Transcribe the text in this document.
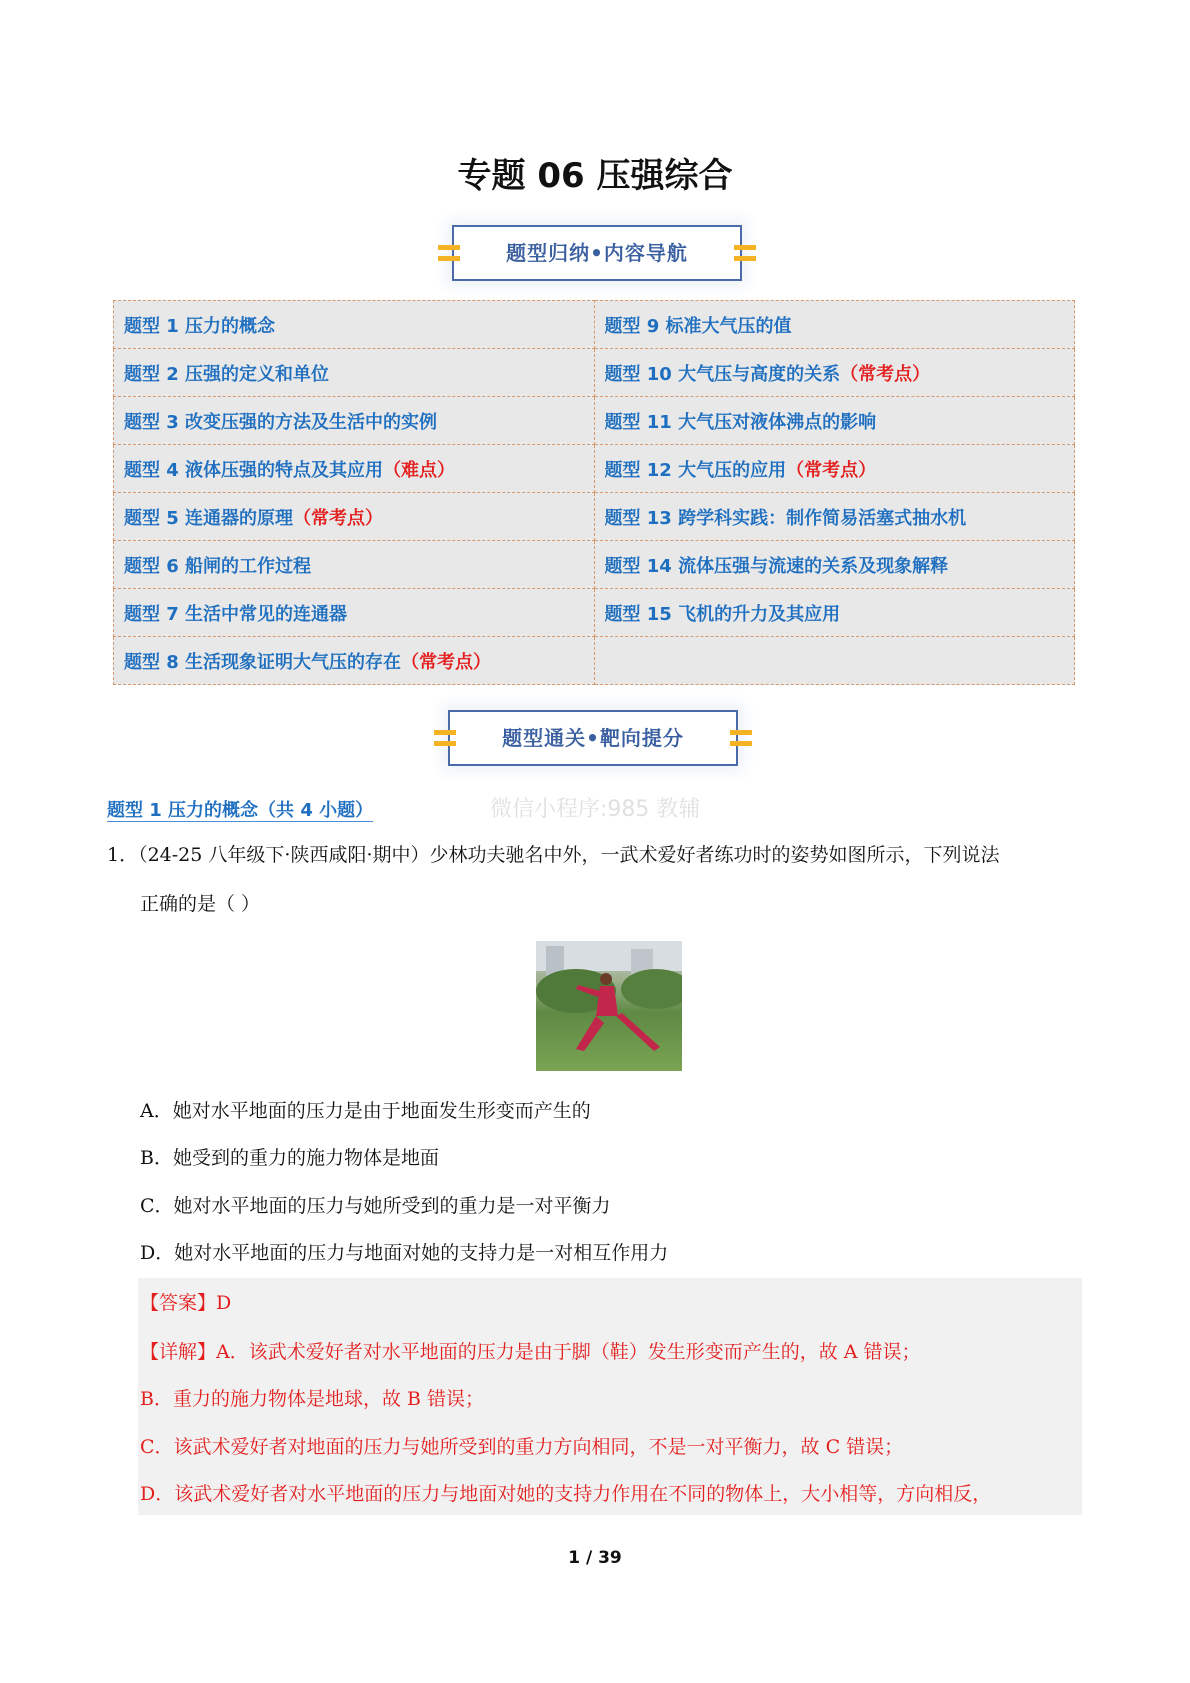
专题 06 压强综合
题型归纳•内容导航
题型 1 压力的概念	题型 9 标准大气压的值
题型 2 压强的定义和单位	题型 10 大气压与高度的关系（常考点）
题型 3 改变压强的方法及生活中的实例	题型 11 大气压对液体沸点的影响
题型 4 液体压强的特点及其应用（难点）	题型 12 大气压的应用（常考点）
题型 5 连通器的原理（常考点）	题型 13 跨学科实践：制作简易活塞式抽水机
题型 6 船闸的工作过程	题型 14 流体压强与流速的关系及现象解释
题型 7 生活中常见的连通器	题型 15 飞机的升力及其应用
题型 8 生活现象证明大气压的存在（常考点）	
题型通关•靶向提分
微信小程序:985 教辅
题型 1 压力的概念（共 4 小题）
1．（24-25 八年级下·陕西咸阳·期中）少林功夫驰名中外，一武术爱好者练功时的姿势如图所示，下列说法
正确的是（ ）
A．她对水平地面的压力是由于地面发生形变而产生的
B．她受到的重力的施力物体是地面
C．她对水平地面的压力与她所受到的重力是一对平衡力
D．她对水平地面的压力与地面对她的支持力是一对相互作用力
【答案】D
【详解】A．该武术爱好者对水平地面的压力是由于脚（鞋）发生形变而产生的，故 A 错误；
B．重力的施力物体是地球，故 B 错误；
C．该武术爱好者对地面的压力与她所受到的重力方向相同，不是一对平衡力，故 C 错误；
D．该武术爱好者对水平地面的压力与地面对她的支持力作用在不同的物体上，大小相等，方向相反，
1 / 39
